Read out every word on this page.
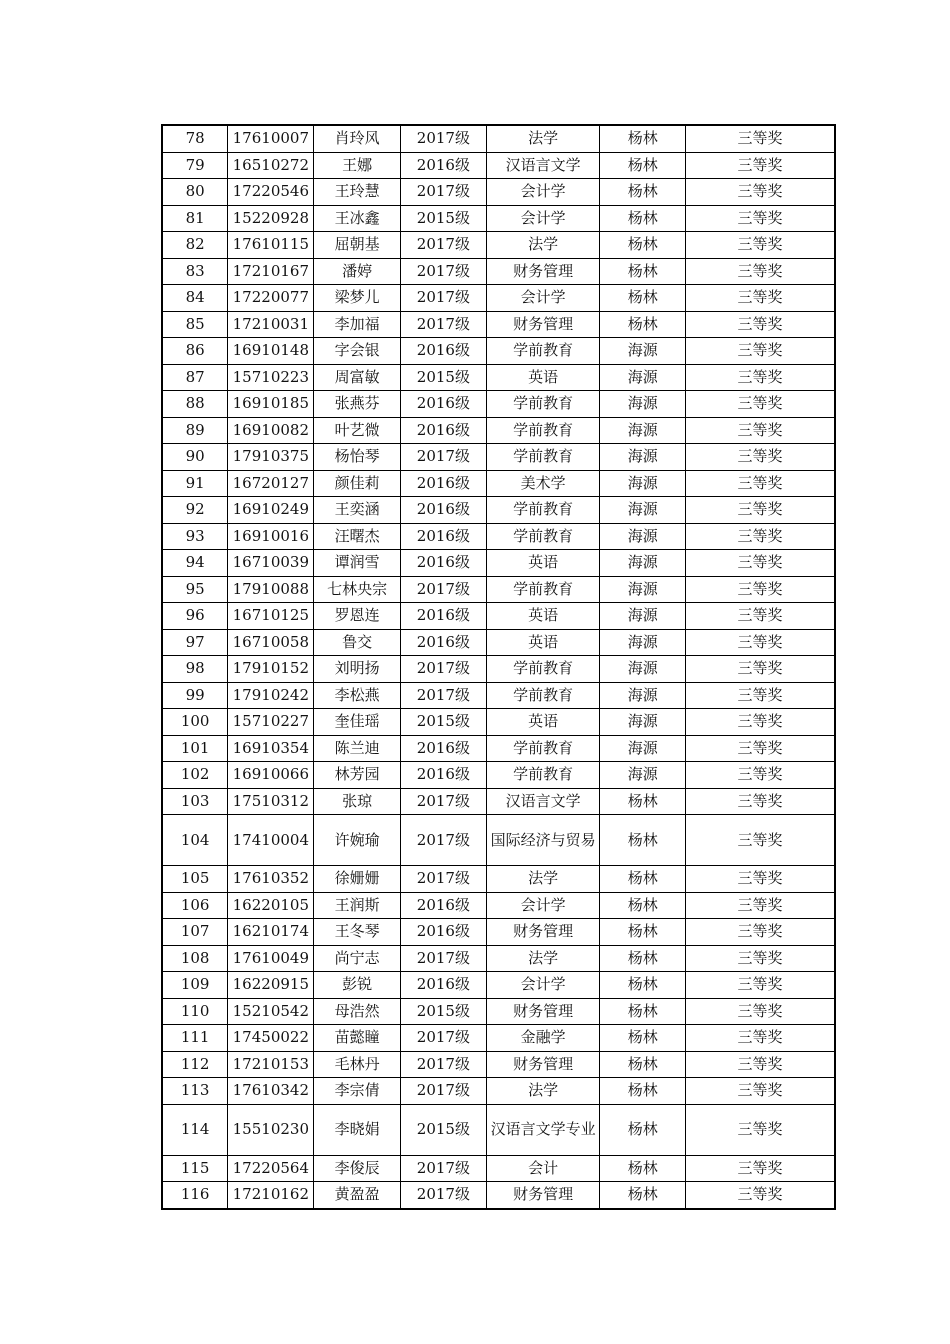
78	17610007	肖玲风	2017级	法学	杨林	三等奖
79	16510272	王娜	2016级	汉语言文学	杨林	三等奖
80	17220546	王玲慧	2017级	会计学	杨林	三等奖
81	15220928	王冰鑫	2015级	会计学	杨林	三等奖
82	17610115	屈朝基	2017级	法学	杨林	三等奖
83	17210167	潘婷	2017级	财务管理	杨林	三等奖
84	17220077	梁梦儿	2017级	会计学	杨林	三等奖
85	17210031	李加福	2017级	财务管理	杨林	三等奖
86	16910148	字会银	2016级	学前教育	海源	三等奖
87	15710223	周富敏	2015级	英语	海源	三等奖
88	16910185	张燕芬	2016级	学前教育	海源	三等奖
89	16910082	叶艺微	2016级	学前教育	海源	三等奖
90	17910375	杨怡琴	2017级	学前教育	海源	三等奖
91	16720127	颜佳莉	2016级	美术学	海源	三等奖
92	16910249	王奕涵	2016级	学前教育	海源	三等奖
93	16910016	汪曙杰	2016级	学前教育	海源	三等奖
94	16710039	谭润雪	2016级	英语	海源	三等奖
95	17910088	七林央宗	2017级	学前教育	海源	三等奖
96	16710125	罗恩连	2016级	英语	海源	三等奖
97	16710058	鲁交	2016级	英语	海源	三等奖
98	17910152	刘明扬	2017级	学前教育	海源	三等奖
99	17910242	李松燕	2017级	学前教育	海源	三等奖
100	15710227	奎佳瑶	2015级	英语	海源	三等奖
101	16910354	陈兰迪	2016级	学前教育	海源	三等奖
102	16910066	林芳园	2016级	学前教育	海源	三等奖
103	17510312	张琼	2017级	汉语言文学	杨林	三等奖
104	17410004	许婉瑜	2017级	国际经济与贸易	杨林	三等奖
105	17610352	徐姗姗	2017级	法学	杨林	三等奖
106	16220105	王润斯	2016级	会计学	杨林	三等奖
107	16210174	王冬琴	2016级	财务管理	杨林	三等奖
108	17610049	尚宁志	2017级	法学	杨林	三等奖
109	16220915	彭锐	2016级	会计学	杨林	三等奖
110	15210542	母浩然	2015级	财务管理	杨林	三等奖
111	17450022	苗懿瞳	2017级	金融学	杨林	三等奖
112	17210153	毛林丹	2017级	财务管理	杨林	三等奖
113	17610342	李宗倩	2017级	法学	杨林	三等奖
114	15510230	李晓娟	2015级	汉语言文学专业	杨林	三等奖
115	17220564	李俊辰	2017级	会计	杨林	三等奖
116	17210162	黄盈盈	2017级	财务管理	杨林	三等奖
